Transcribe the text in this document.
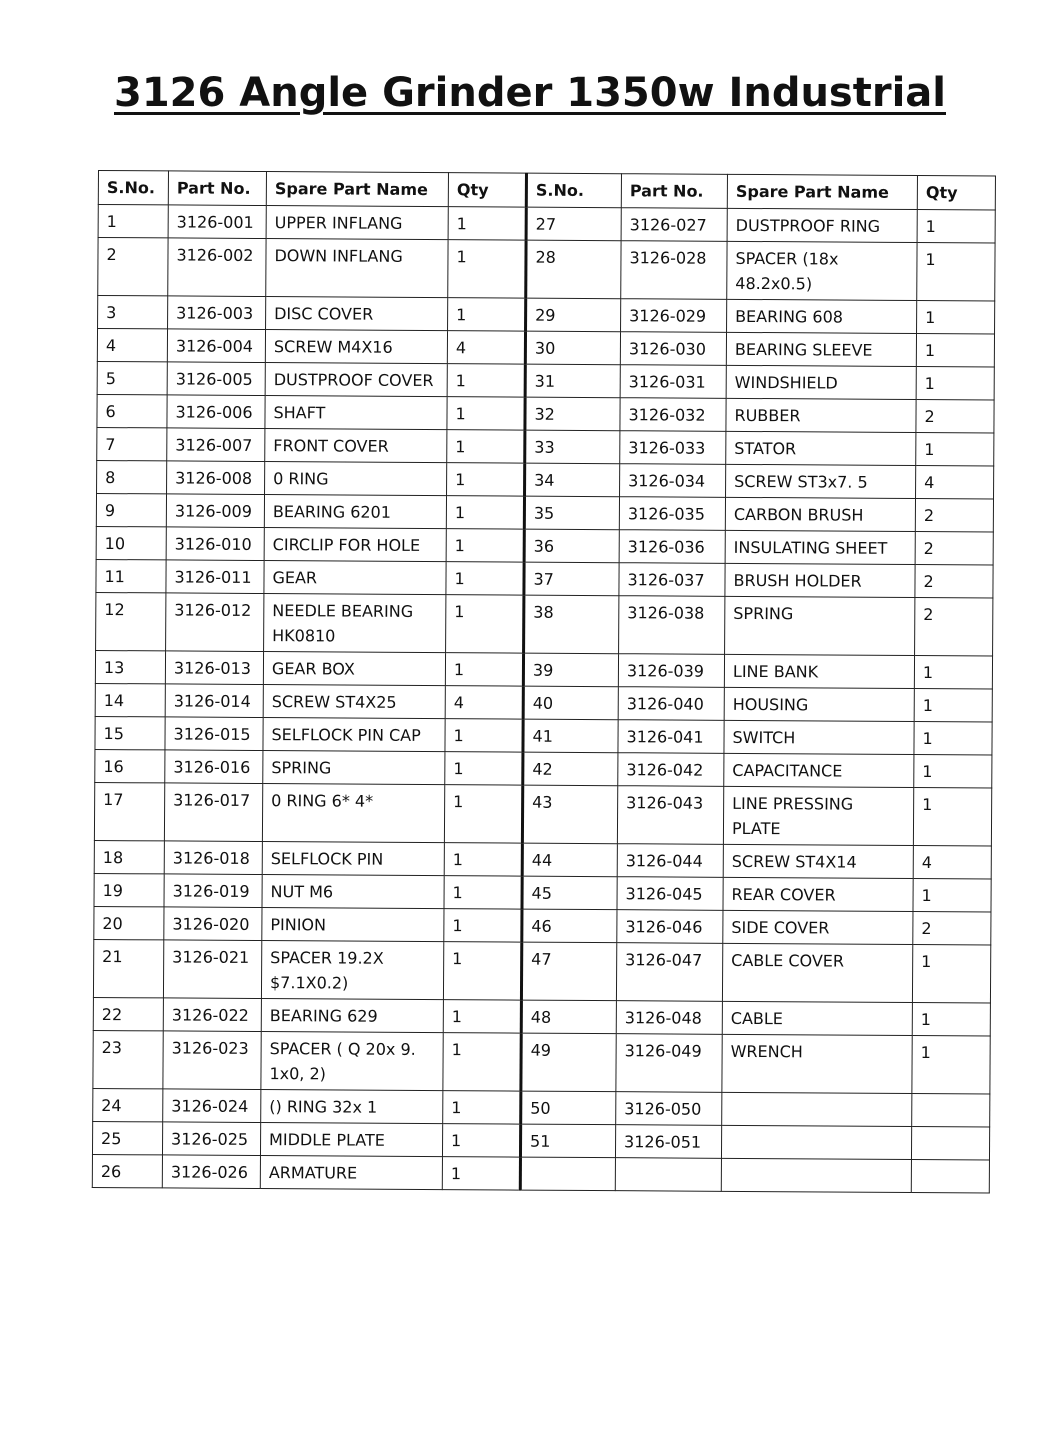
3126 Angle Grinder 1350w Industrial
S.No.	Part No.	Spare Part Name	Qty	S.No.	Part No.	Spare Part Name	Qty
1	3126-001	UPPER INFLANG	1	27	3126-027	DUSTPROOF RING	1
2	3126-002	DOWN INFLANG	1	28	3126-028	SPACER (18x 48.2x0.5)	1
3	3126-003	DISC COVER	1	29	3126-029	BEARING 608	1
4	3126-004	SCREW M4X16	4	30	3126-030	BEARING SLEEVE	1
5	3126-005	DUSTPROOF COVER	1	31	3126-031	WINDSHIELD	1
6	3126-006	SHAFT	1	32	3126-032	RUBBER	2
7	3126-007	FRONT COVER	1	33	3126-033	STATOR	1
8	3126-008	0 RING	1	34	3126-034	SCREW ST3x7. 5	4
9	3126-009	BEARING 6201	1	35	3126-035	CARBON BRUSH	2
10	3126-010	CIRCLIP FOR HOLE	1	36	3126-036	INSULATING SHEET	2
11	3126-011	GEAR	1	37	3126-037	BRUSH HOLDER	2
12	3126-012	NEEDLE BEARING HK0810	1	38	3126-038	SPRING	2
13	3126-013	GEAR BOX	1	39	3126-039	LINE BANK	1
14	3126-014	SCREW ST4X25	4	40	3126-040	HOUSING	1
15	3126-015	SELFLOCK PIN CAP	1	41	3126-041	SWITCH	1
16	3126-016	SPRING	1	42	3126-042	CAPACITANCE	1
17	3126-017	0 RING 6* 4*	1	43	3126-043	LINE PRESSING PLATE	1
18	3126-018	SELFLOCK PIN	1	44	3126-044	SCREW ST4X14	4
19	3126-019	NUT M6	1	45	3126-045	REAR COVER	1
20	3126-020	PINION	1	46	3126-046	SIDE COVER	2
21	3126-021	SPACER 19.2X $7.1X0.2)	1	47	3126-047	CABLE COVER	1
22	3126-022	BEARING 629	1	48	3126-048	CABLE	1
23	3126-023	SPACER ( Q 20x 9. 1x0, 2)	1	49	3126-049	WRENCH	1
24	3126-024	() RING 32x 1	1	50	3126-050		
25	3126-025	MIDDLE PLATE	1	51	3126-051		
26	3126-026	ARMATURE	1				
